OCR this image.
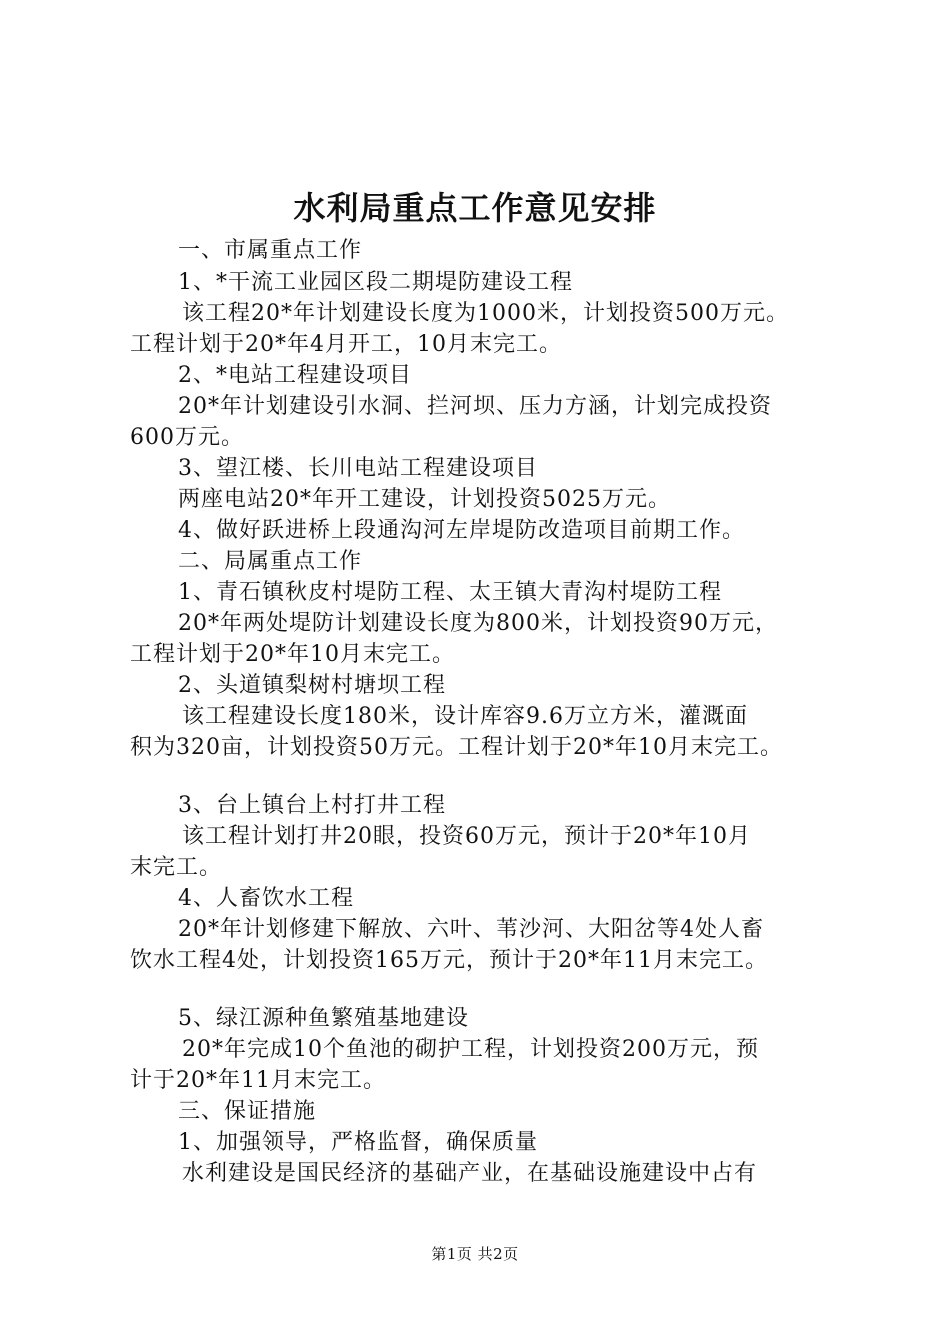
水利局重点工作意见安排
一、市属重点工作
1、*干流工业园区段二期堤防建设工程
该工程20*年计划建设长度为1000米，计划投资500万元。
工程计划于20*年4月开工，10月末完工。
2、*电站工程建设项目
20*年计划建设引水洞、拦河坝、压力方涵，计划完成投资
600万元。
3、望江楼、长川电站工程建设项目
两座电站20*年开工建设，计划投资5025万元。
4、做好跃进桥上段通沟河左岸堤防改造项目前期工作。
二、局属重点工作
1、青石镇秋皮村堤防工程、太王镇大青沟村堤防工程
20*年两处堤防计划建设长度为800米，计划投资90万元，
工程计划于20*年10月末完工。
2、头道镇梨树村塘坝工程
该工程建设长度180米，设计库容9.6万立方米，灌溉面
积为320亩，计划投资50万元。工程计划于20*年10月末完工。
3、台上镇台上村打井工程
该工程计划打井20眼，投资60万元，预计于20*年10月
末完工。
4、人畜饮水工程
20*年计划修建下解放、六叶、苇沙河、大阳岔等4处人畜
饮水工程4处，计划投资165万元，预计于20*年11月末完工。
5、绿江源种鱼繁殖基地建设
20*年完成10个鱼池的砌护工程，计划投资200万元，预
计于20*年11月末完工。
三、保证措施
1、加强领导，严格监督，确保质量
水利建设是国民经济的基础产业，在基础设施建设中占有
第1页 共2页
